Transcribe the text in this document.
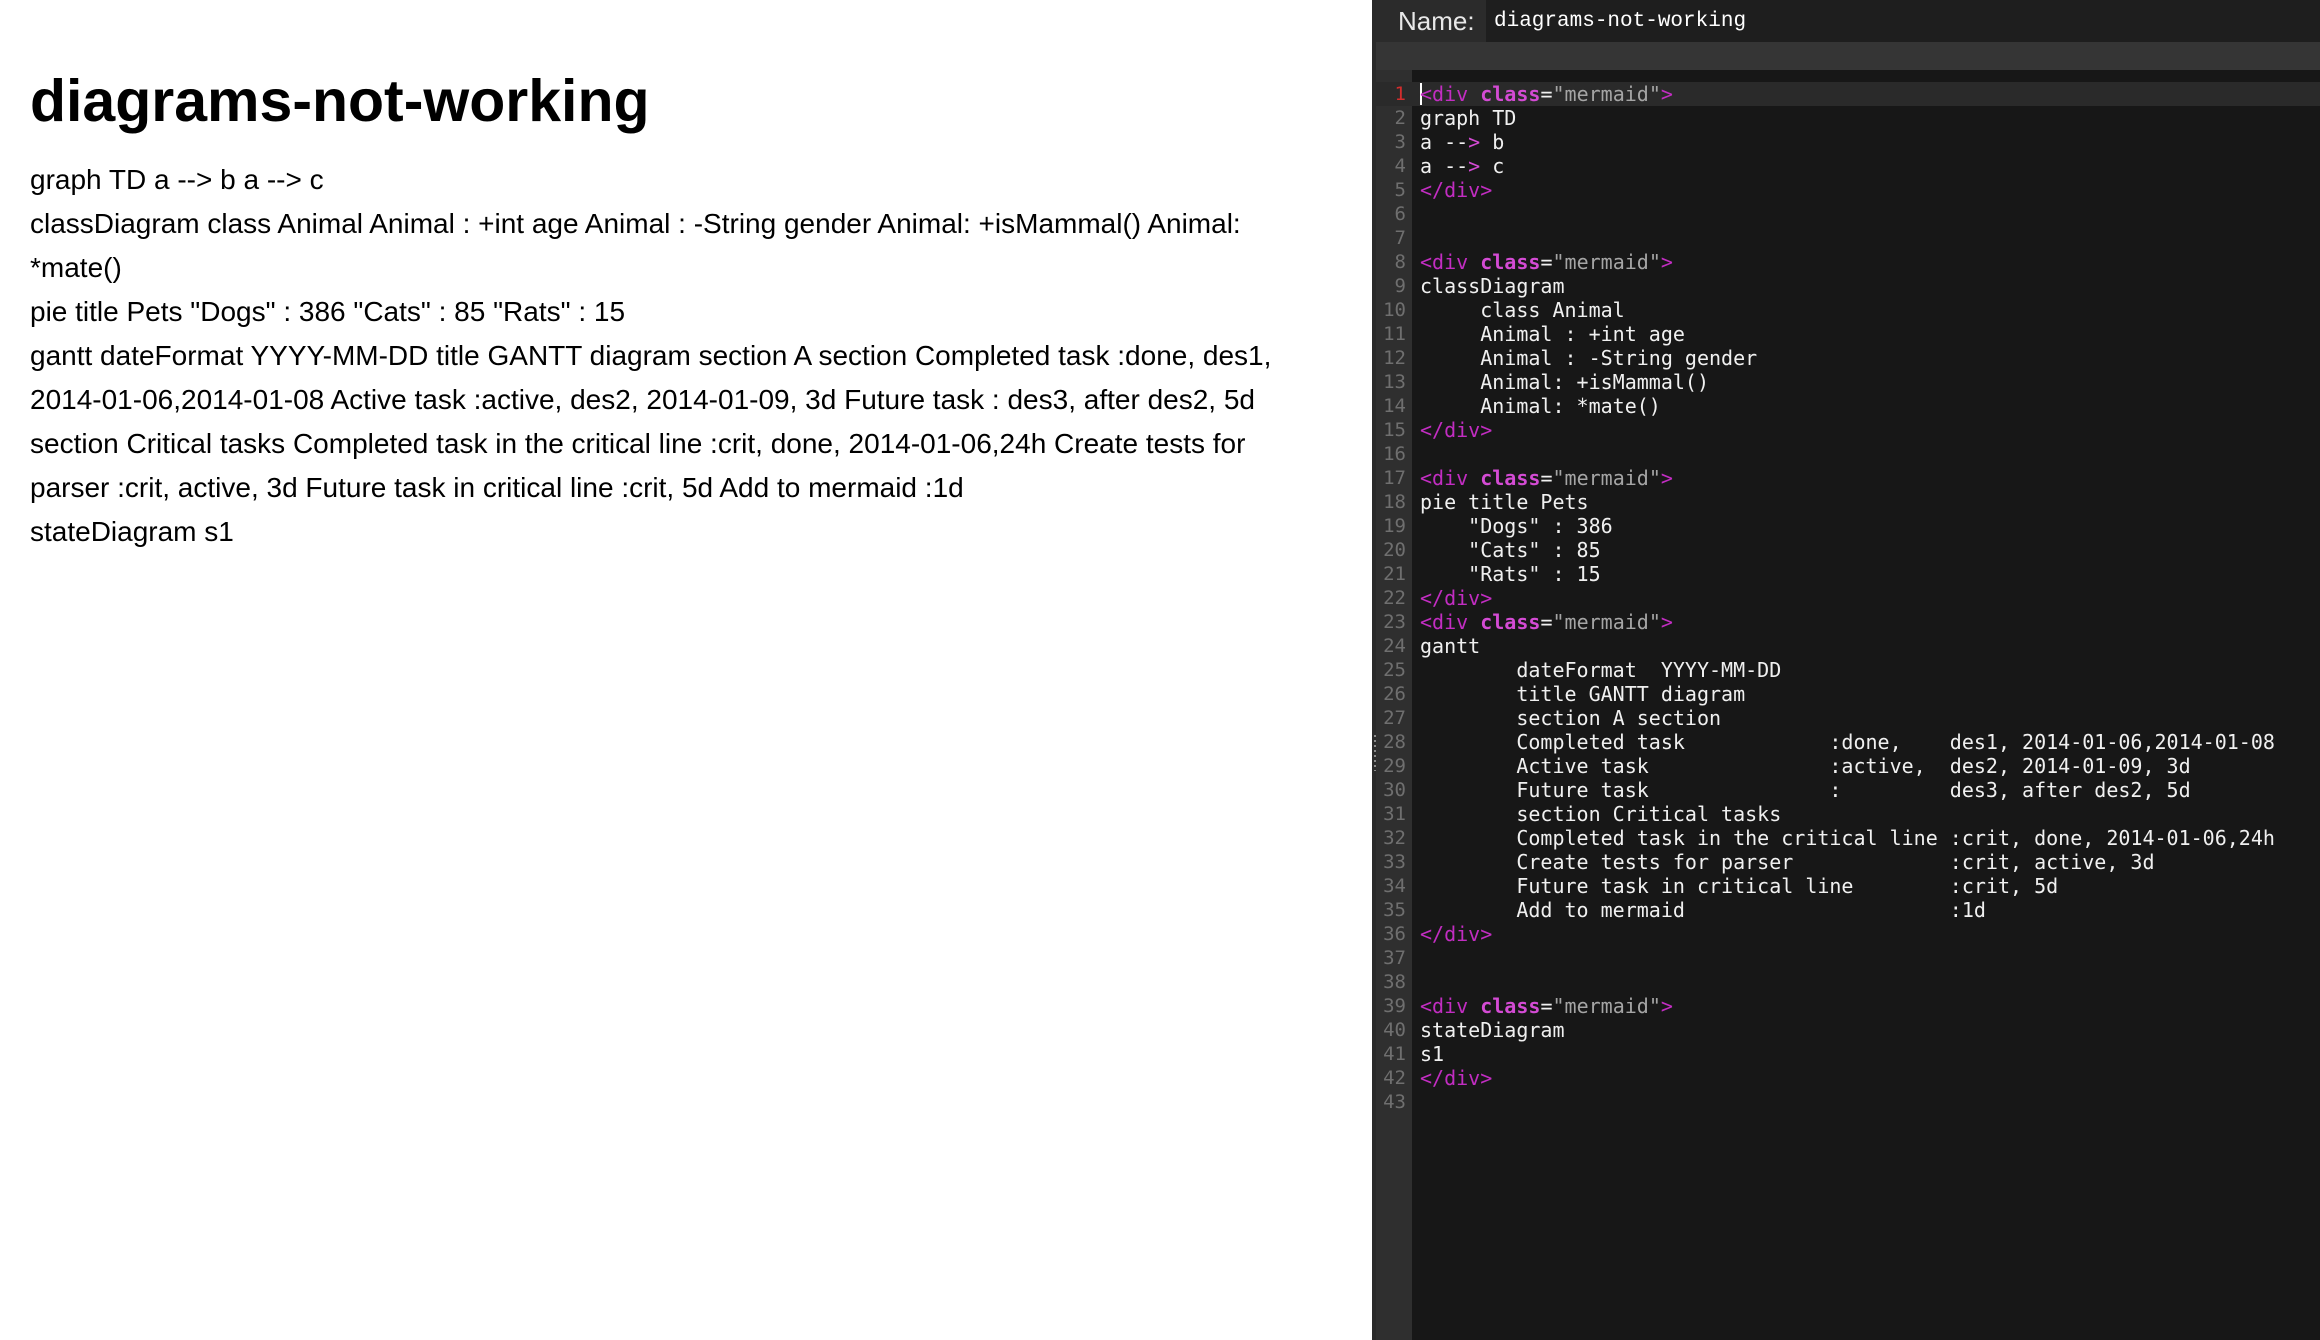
diagrams-not-working

graph TD a --> b a --> c

classDiagram class Animal Animal : +int age Animal : -String gender Animal: +isMammal() Animal: *mate()

pie title Pets "Dogs" : 386 "Cats" : 85 "Rats" : 15

gantt dateFormat YYYY-MM-DD title GANTT diagram section A section Completed task :done, des1, 2014-01-06,2014-01-08 Active task :active, des2, 2014-01-09, 3d Future task : des3, after des2, 5d section Critical tasks Completed task in the critical line :crit, done, 2014-01-06,24h Create tests for parser :crit, active, 3d Future task in critical line :crit, 5d Add to mermaid :1d

stateDiagram s1

Name:
diagrams-not-working
1 <div class="mermaid">
2 graph TD
3 a --> b
4 a --> c
5 </div>
6
7
8 <div class="mermaid">
9 classDiagram
10 class Animal
11 Animal : +int age
12 Animal : -String gender
13 Animal: +isMammal()
14 Animal: *mate()
15 </div>
16
17 <div class="mermaid">
18 pie title Pets
19 "Dogs" : 386
20 "Cats" : 85
21 "Rats" : 15
22 </div>
23 <div class="mermaid">
24 gantt
25 dateFormat  YYYY-MM-DD
26 title GANTT diagram
27 section A section
28 Completed task            :done,    des1, 2014-01-06,2014-01-08
29 Active task               :active,  des2, 2014-01-09, 3d
30 Future task               :         des3, after des2, 5d
31 section Critical tasks
32 Completed task in the critical line :crit, done, 2014-01-06,24h
33 Create tests for parser             :crit, active, 3d
34 Future task in critical line        :crit, 5d
35 Add to mermaid                      :1d
36 </div>
37
38
39 <div class="mermaid">
40 stateDiagram
41 s1
42 </div>
43
